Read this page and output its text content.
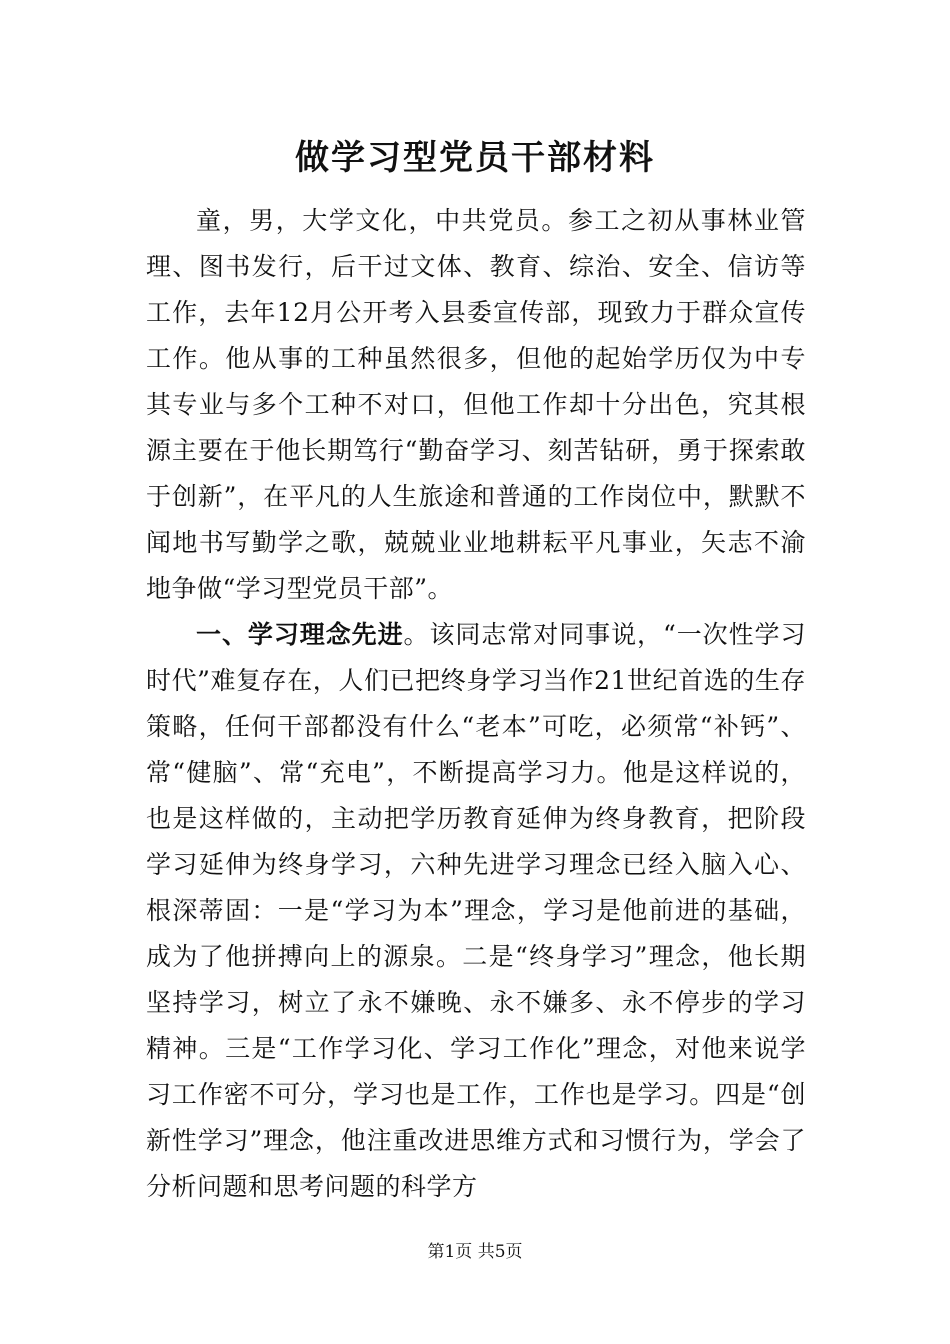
做学习型党员干部材料

童，男，大学文化，中共党员。参工之初从事林业管理、图书发行，后干过文体、教育、综治、安全、信访等工作，去年12月公开考入县委宣传部，现致力于群众宣传工作。他从事的工种虽然很多，但他的起始学历仅为中专其专业与多个工种不对口，但他工作却十分出色，究其根源主要在于他长期笃行“勤奋学习、刻苦钻研，勇于探索敢于创新”，在平凡的人生旅途和普通的工作岗位中，默默不闻地书写勤学之歌，兢兢业业地耕耘平凡事业，矢志不渝地争做“学习型党员干部”。

一、学习理念先进。该同志常对同事说，“一次性学习时代”难复存在，人们已把终身学习当作21世纪首选的生存策略，任何干部都没有什么“老本”可吃，必须常“补钙”、常“健脑”、常“充电”，不断提高学习力。他是这样说的，也是这样做的，主动把学历教育延伸为终身教育，把阶段学习延伸为终身学习，六种先进学习理念已经入脑入心、根深蒂固：一是“学习为本”理念，学习是他前进的基础，成为了他拼搏向上的源泉。二是“终身学习”理念，他长期坚持学习，树立了永不嫌晚、永不嫌多、永不停步的学习精神。三是“工作学习化、学习工作化”理念，对他来说学习工作密不可分，学习也是工作，工作也是学习。四是“创新性学习”理念，他注重改进思维方式和习惯行为，学会了分析问题和思考问题的科学方

第1页 共5页
